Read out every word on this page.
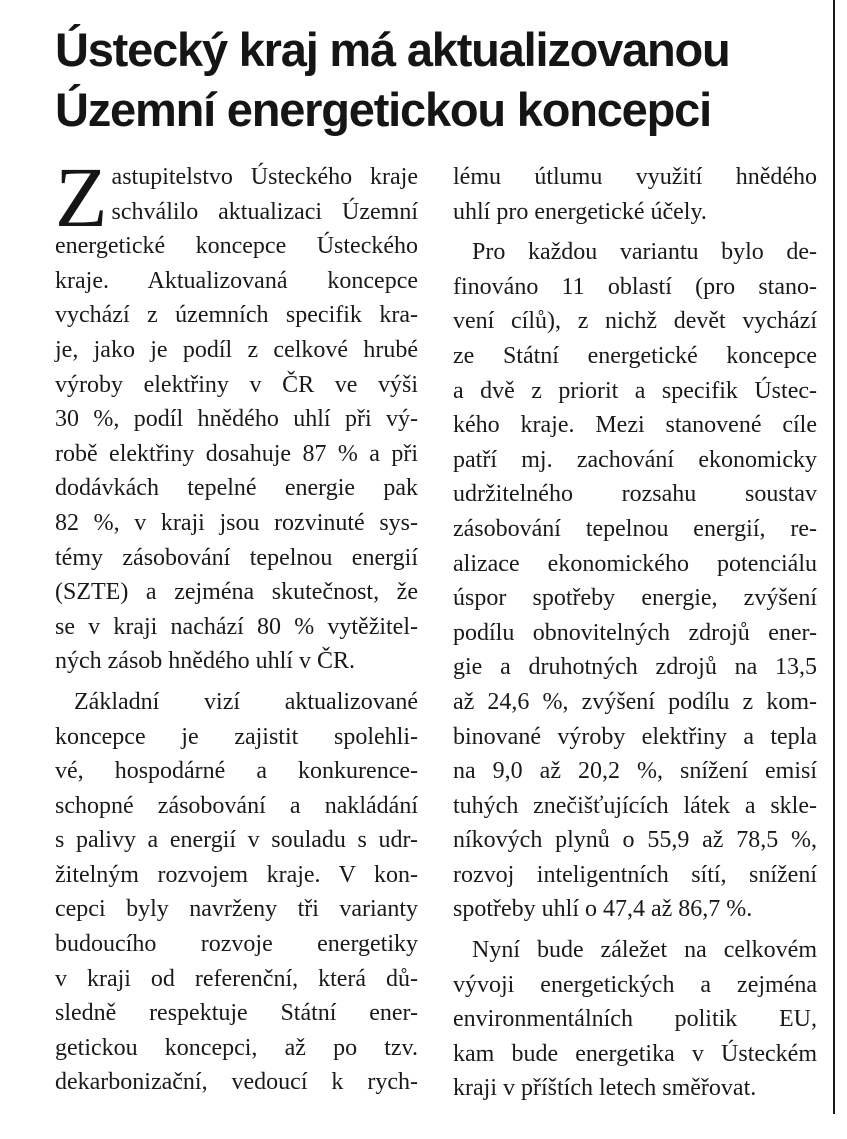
Ústecký kraj má aktualizovanou
Územní energetickou koncepci

Z astupitelstvo Ústeckého kraje
schválilo aktualizaci Územní
energetické koncepce Ústeckého
kraje. Aktualizovaná koncepce
vychází z územních specifik kra-
je, jako je podíl z celkové hrubé
výroby elektřiny v ČR ve výši
30 %, podíl hnědého uhlí při vý-
robě elektřiny dosahuje 87 % a při
dodávkách tepelné energie pak
82 %, v kraji jsou rozvinuté sys-
témy zásobování tepelnou energií
(SZTE) a zejména skutečnost, že
se v kraji nachází 80 % vytěžitel-
ných zásob hnědého uhlí v ČR.

Základní vizí aktualizované
koncepce je zajistit spolehli-
vé, hospodárné a konkurence-
schopné zásobování a nakládání
s palivy a energií v souladu s udr-
žitelným rozvojem kraje. V kon-
cepci byly navrženy tři varianty
budoucího rozvoje energetiky
v kraji od referenční, která dů-
sledně respektuje Státní ener-
getickou koncepci, až po tzv.
dekarbonizační, vedoucí k rych-

lému útlumu využití hnědého
uhlí pro energetické účely.

Pro každou variantu bylo de-
finováno 11 oblastí (pro stano-
vení cílů), z nichž devět vychází
ze Státní energetické koncepce
a dvě z priorit a specifik Ústec-
kého kraje. Mezi stanovené cíle
patří mj. zachování ekonomicky
udržitelného rozsahu soustav
zásobování tepelnou energií, re-
alizace ekonomického potenciálu
úspor spotřeby energie, zvýšení
podílu obnovitelných zdrojů ener-
gie a druhotných zdrojů na 13,5
až 24,6 %, zvýšení podílu z kom-
binované výroby elektřiny a tepla
na 9,0 až 20,2 %, snížení emisí
tuhých znečišťujících látek a skle-
níkových plynů o 55,9 až 78,5 %,
rozvoj inteligentních sítí, snížení
spotřeby uhlí o 47,4 až 86,7 %.

Nyní bude záležet na celkovém
vývoji energetických a zejména
environmentálních politik EU,
kam bude energetika v Ústeckém
kraji v příštích letech směřovat.
